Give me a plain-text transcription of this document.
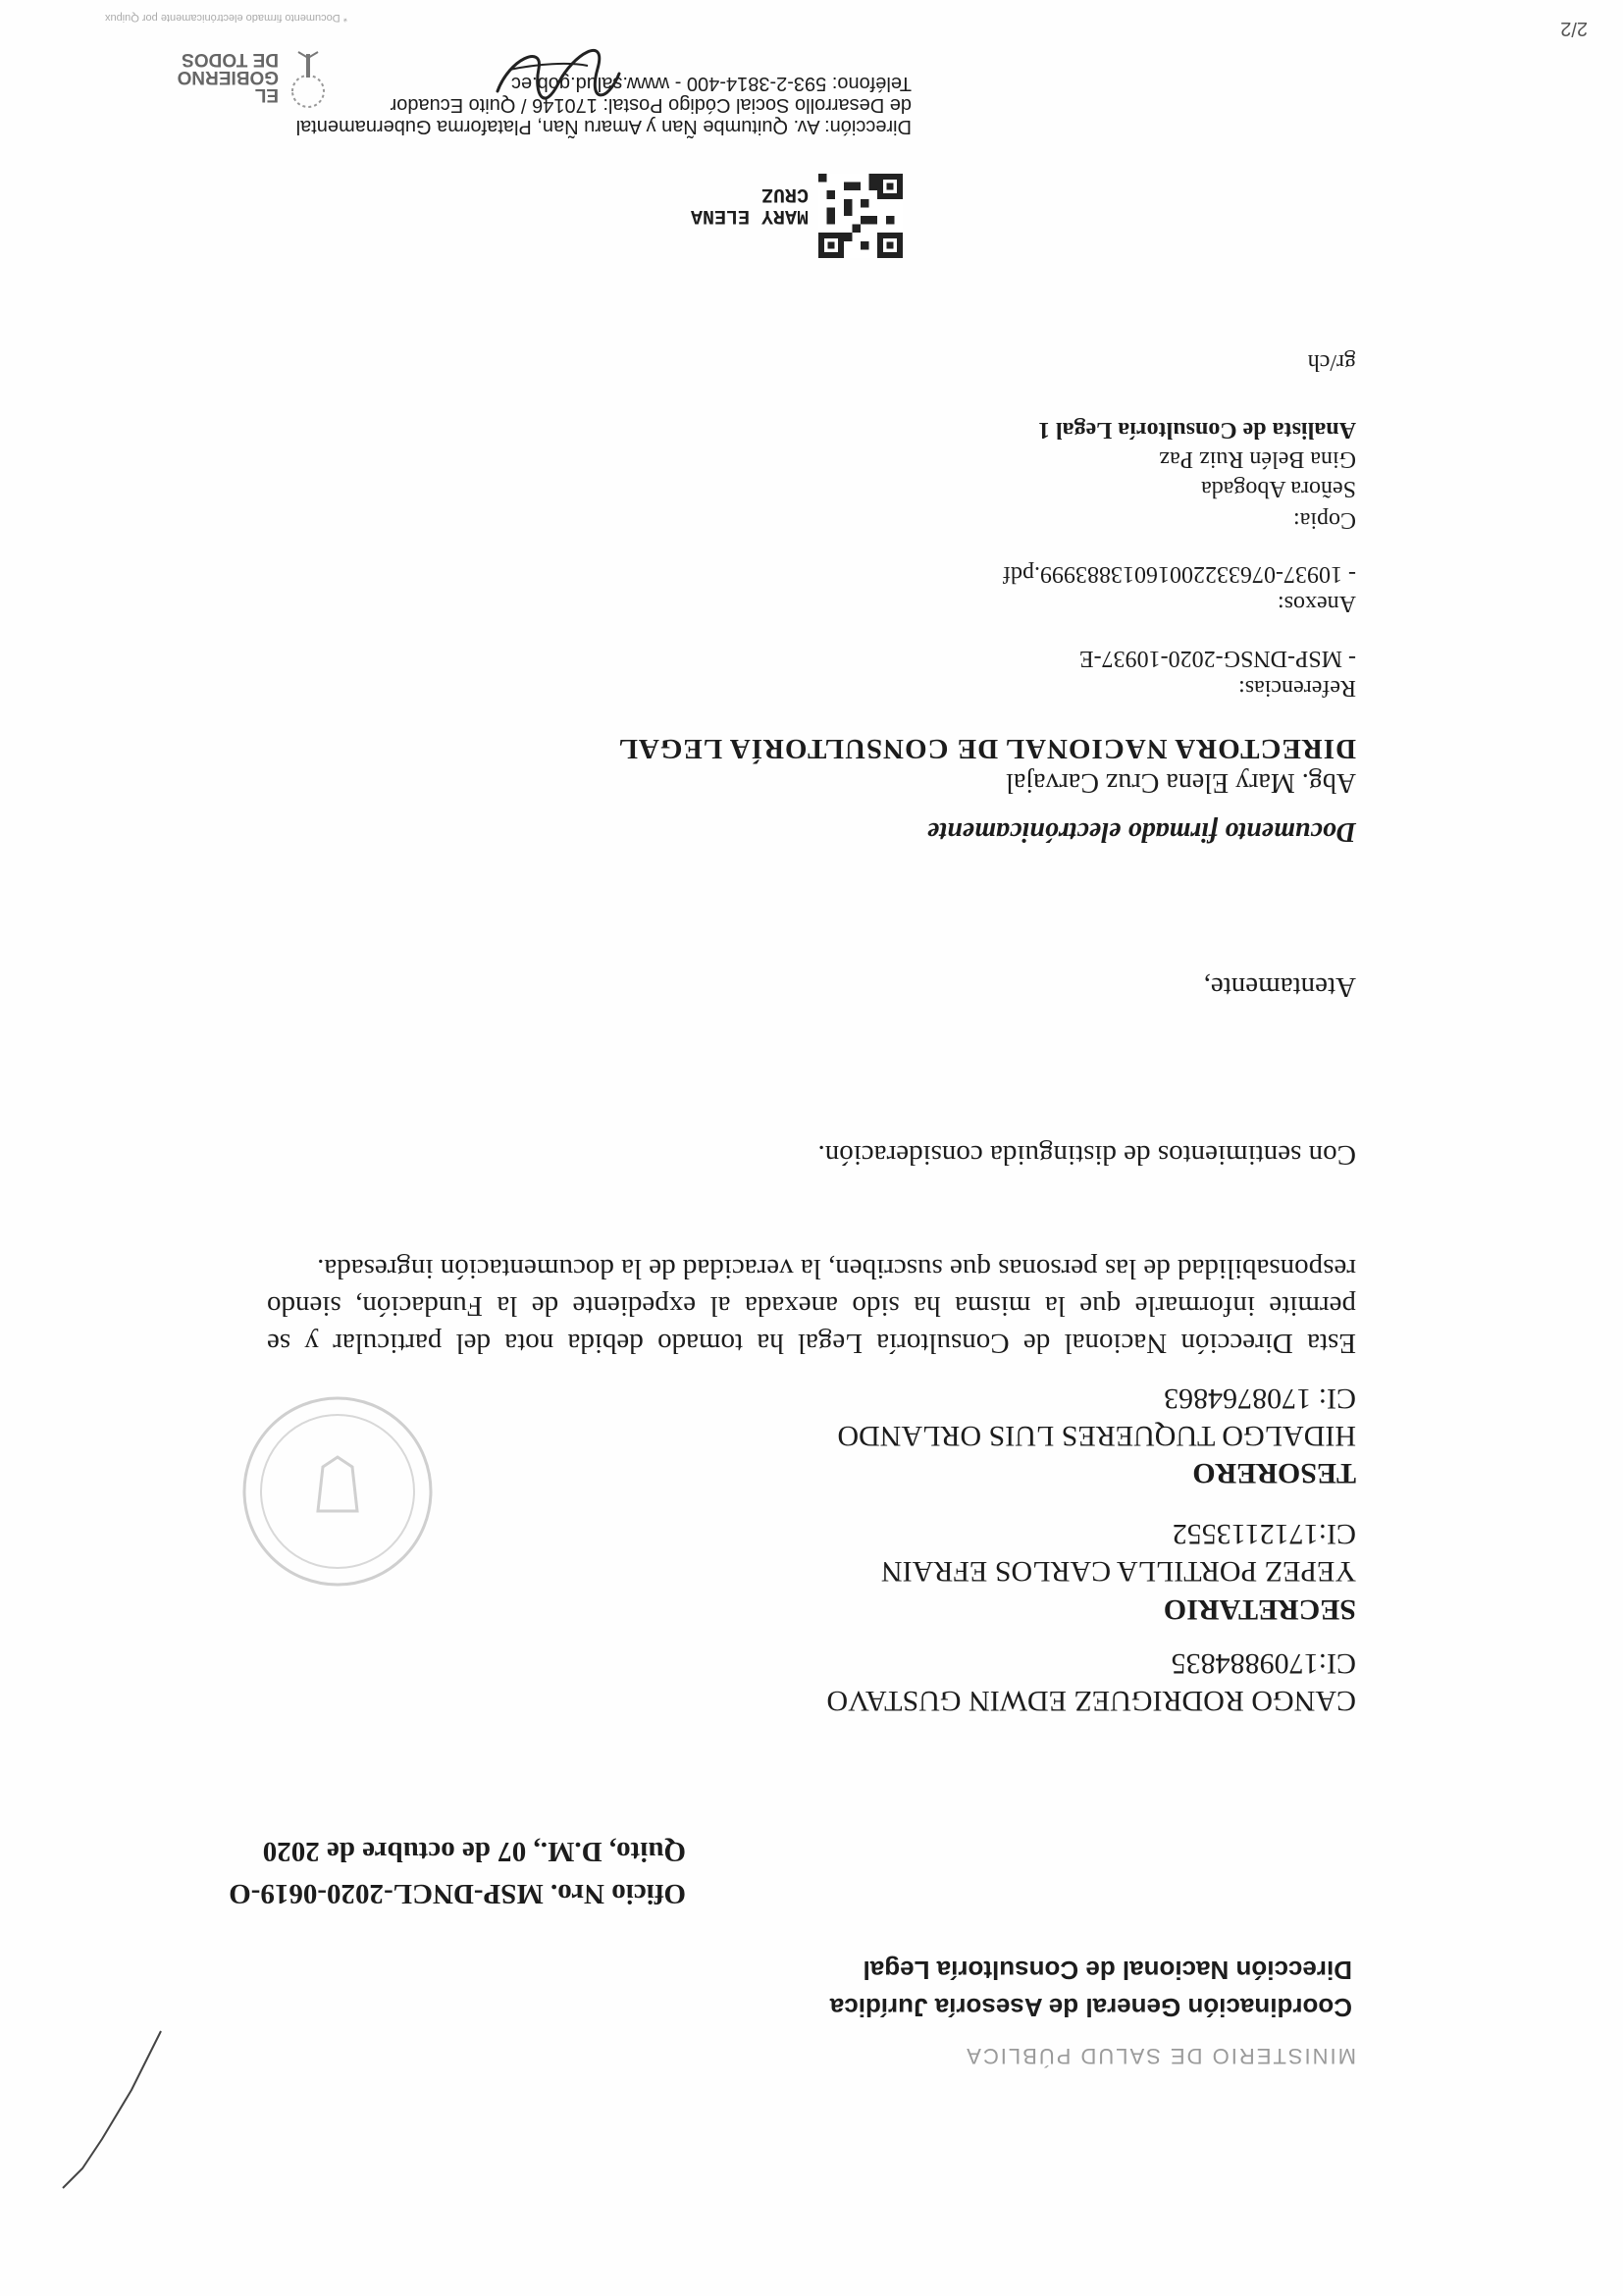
MINISTERIO DE SALUD PÚBLICA
Coordinación General de Asesoría Jurídica
Dirección Nacional de Consultoría Legal
Oficio Nro. MSP-DNCL-2020-0619-O
Quito, D.M., 07 de octubre de 2020
CANGO RODRIGUEZ EDWIN GUSTAVO
CI:1709884835
SECRETARIO
YEPEZ PORTILLA CARLOS EFRAIN
CI:1712113552
TESORERO
HIDALGO TUQUERES LUIS ORLANDO
CI: 1708764863
Esta Dirección Nacional de Consultoría Legal ha tomado debida nota del particular y se permite informarle que la misma ha sido anexada al expediente de la Fundación, siendo responsabilidad de las personas que suscriben, la veracidad de la documentación ingresada.
Con sentimientos de distinguida consideración.
Atentamente,
Documento firmado electrónicamente
Abg. Mary Elena Cruz Carvajal
DIRECTORA NACIONAL DE CONSULTORÍA LEGAL
Referencias:
- MSP-DNSG-2020-10937-E
Anexos:
- 10937-07633220016013883999.pdf
Copia:
Señora Abogada
Gina Belén Ruiz Paz
Analista de Consultoría Legal 1
gr/ch
MARY ELENA
CRUZ
Dirección: Av. Quitumbe Ñan y Amaru Ñan, Plataforma Gubernamental
de Desarrollo Social Código Postal: 170146 / Quito Ecuador
Teléfono: 593-2-3814-400 - www.salud.gob.ec
EL
GOBIERNO
DE TODOS
2/2
* Documento firmado electrónicamente por Quipux
